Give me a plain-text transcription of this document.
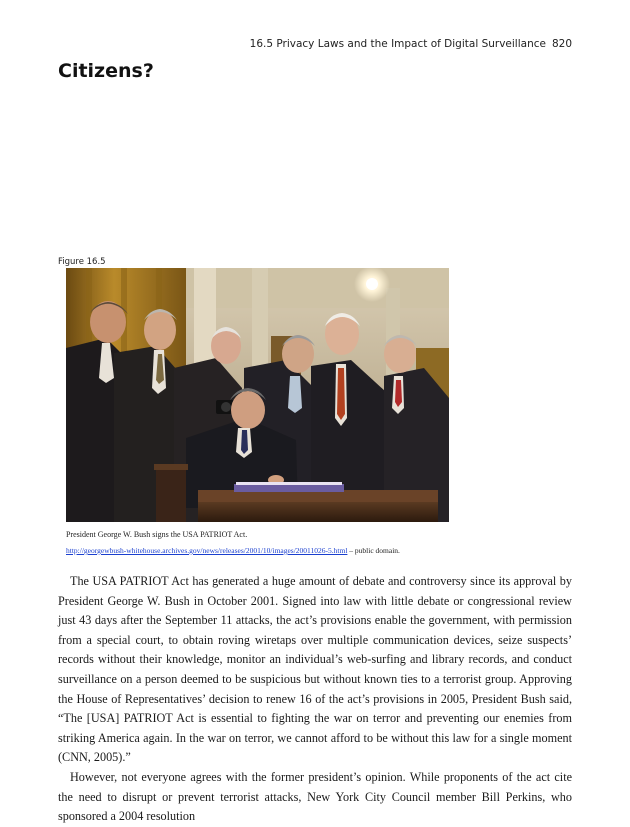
16.5 Privacy Laws and the Impact of Digital Surveillance 820
Citizens?
Figure 16.5
President George W. Bush signs the USA PATRIOT Act.
http://georgewbush-whitehouse.archives.gov/news/releases/2001/10/images/20011026-5.html – public domain.

The USA PATRIOT Act has generated a huge amount of debate and controversy since its approval by President George W. Bush in October 2001. Signed into law with little debate or congressional review just 43 days after the September 11 attacks, the act’s provisions enable the government, with permission from a special court, to obtain roving wiretaps over multiple communication devices, seize suspects’ records without their knowledge, monitor an individual’s web-surfing and library records, and conduct surveillance on a person deemed to be suspicious but without known ties to a terrorist group. Approving the House of Representatives’ decision to renew 16 of the act’s provisions in 2005, President Bush said, “The [USA] PATRIOT Act is essential to fighting the war on terror and preventing our enemies from striking America again. In the war on terror, we cannot afford to be without this law for a single moment (CNN, 2005).”

However, not everyone agrees with the former president’s opinion. While proponents of the act cite the need to disrupt or prevent terrorist attacks, New York City Council member Bill Perkins, who sponsored a 2004 resolution
